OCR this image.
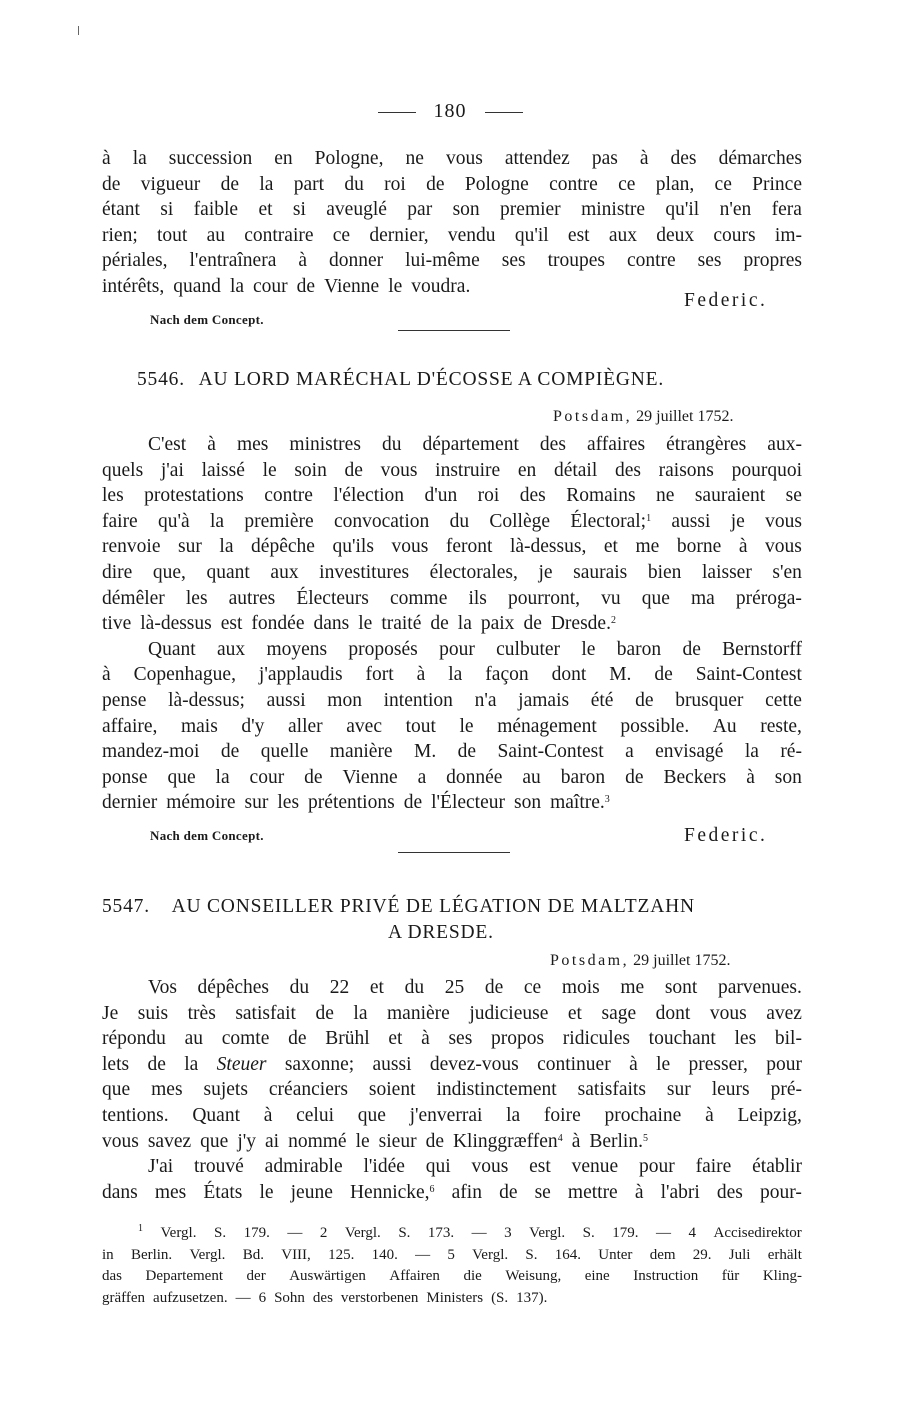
180
à la succession en Pologne, ne vous attendez pas à des démarches
de vigueur de la part du roi de Pologne contre ce plan, ce Prince
étant si faible et si aveuglé par son premier ministre qu'il n'en fera
rien; tout au contraire ce dernier, vendu qu'il est aux deux cours im-
périales, l'entraînera à donner lui-même ses troupes contre ses propres
intérêts, quand la cour de Vienne le voudra.
Federic.
Nach dem Concept.
5546. AU LORD MARÉCHAL D'ÉCOSSE A COMPIÈGNE.
Potsdam, 29 juillet 1752.
C'est à mes ministres du département des affaires étrangères aux-
quels j'ai laissé le soin de vous instruire en détail des raisons pourquoi
les protestations contre l'élection d'un roi des Romains ne sauraient se
faire qu'à la première convocation du Collège Électoral;$^1$ aussi je vous
renvoie sur la dépêche qu'ils vous feront là-dessus, et me borne à vous
dire que, quant aux investitures électorales, je saurais bien laisser s'en
démêler les autres Électeurs comme ils pourront, vu que ma préroga-
tive là-dessus est fondée dans le traité de la paix de Dresde.$^2$
Quant aux moyens proposés pour culbuter le baron de Bernstorff
à Copenhague, j'applaudis fort à la façon dont M. de Saint-Contest
pense là-dessus; aussi mon intention n'a jamais été de brusquer cette
affaire, mais d'y aller avec tout le ménagement possible. Au reste,
mandez-moi de quelle manière M. de Saint-Contest a envisagé la ré-
ponse que la cour de Vienne a donnée au baron de Beckers à son
dernier mémoire sur les prétentions de l'Électeur son maître.$^3$
Nach dem Concept.	Federic.
5547. AU CONSEILLER PRIVÉ DE LÉGATION DE MALTZAHN
A DRESDE.
Potsdam, 29 juillet 1752.
Vos dépêches du 22 et du 25 de ce mois me sont parvenues.
Je suis très satisfait de la manière judicieuse et sage dont vous avez
répondu au comte de Brühl et à ses propos ridicules touchant les bil-
lets de la Steuer saxonne; aussi devez-vous continuer à le presser, pour
que mes sujets créanciers soient indistinctement satisfaits sur leurs pré-
tentions. Quant à celui que j'enverrai la foire prochaine à Leipzig,
vous savez que j'y ai nommé le sieur de Klinggræffen$^4$ à Berlin.$^5$
J'ai trouvé admirable l'idée qui vous est venue pour faire établir
dans mes États le jeune Hennicke,$^6$ afin de se mettre à l'abri des pour-
$^1$ Vergl. S. 179. — 2 Vergl. S. 173. — 3 Vergl. S. 179. — 4 Accisedirektor
in Berlin. Vergl. Bd. VIII, 125. 140. — 5 Vergl. S. 164. Unter dem 29. Juli erhält
das Departement der Auswärtigen Affairen die Weisung, eine Instruction für Kling-
gräffen aufzusetzen. — 6 Sohn des verstorbenen Ministers (S. 137).
